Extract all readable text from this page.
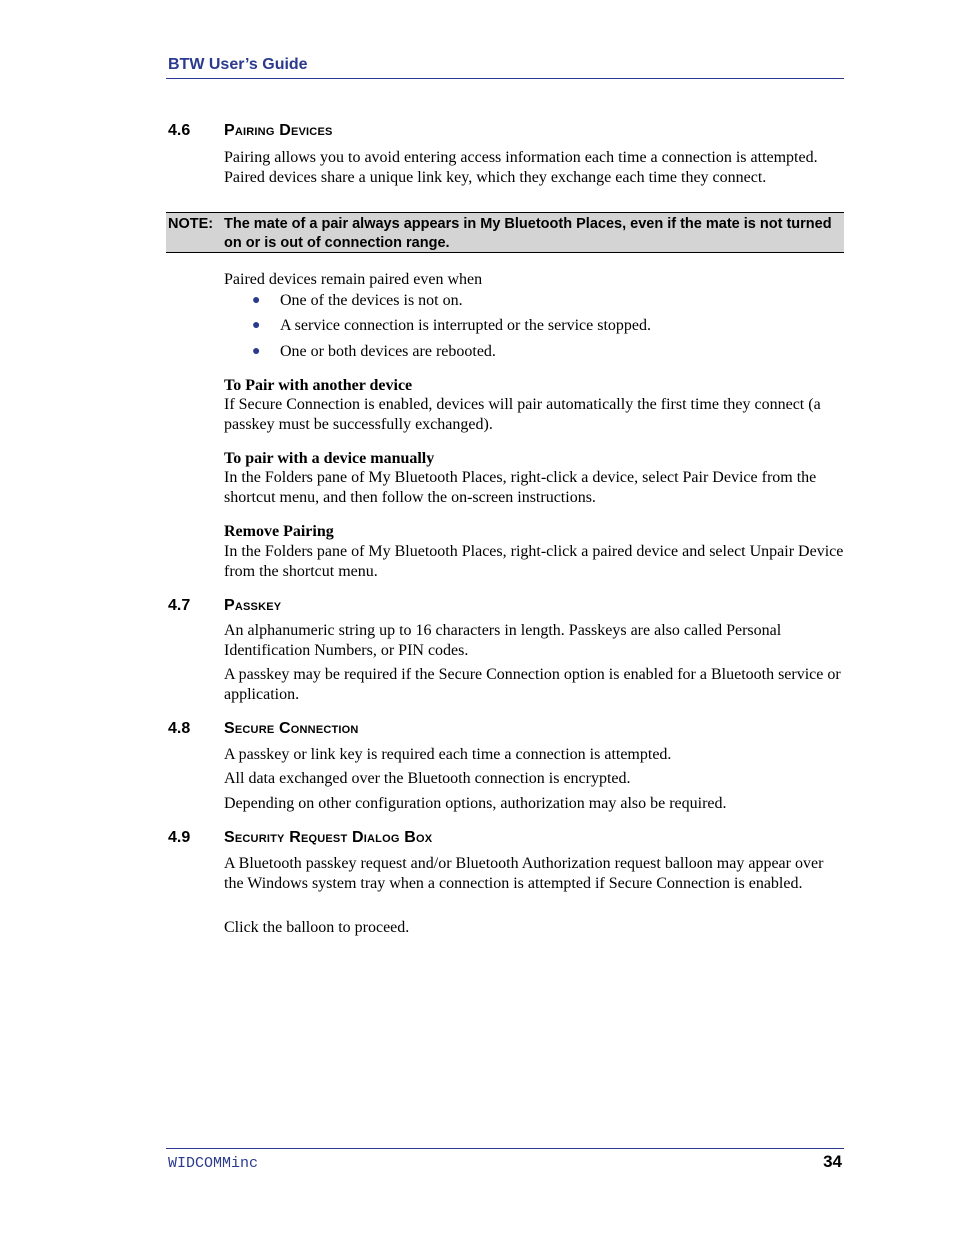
BTW User’s Guide
4.6 Pairing Devices
Pairing allows you to avoid entering access information each time a connection is attempted. Paired devices share a unique link key, which they exchange each time they connect.
NOTE: The mate of a pair always appears in My Bluetooth Places, even if the mate is not turned on or is out of connection range.
Paired devices remain paired even when
● One of the devices is not on.
● A service connection is interrupted or the service stopped.
● One or both devices are rebooted.
To Pair with another device
If Secure Connection is enabled, devices will pair automatically the first time they connect (a passkey must be successfully exchanged).
To pair with a device manually
In the Folders pane of My Bluetooth Places, right-click a device, select Pair Device from the shortcut menu, and then follow the on-screen instructions.
Remove Pairing
In the Folders pane of My Bluetooth Places, right-click a paired device and select Unpair Device from the shortcut menu.
4.7 Passkey
An alphanumeric string up to 16 characters in length. Passkeys are also called Personal Identification Numbers, or PIN codes.
A passkey may be required if the Secure Connection option is enabled for a Bluetooth service or application.
4.8 Secure Connection
A passkey or link key is required each time a connection is attempted.
All data exchanged over the Bluetooth connection is encrypted.
Depending on other configuration options, authorization may also be required.
4.9 Security Request Dialog Box
A Bluetooth passkey request and/or Bluetooth Authorization request balloon may appear over the Windows system tray when a connection is attempted if Secure Connection is enabled.
Click the balloon to proceed.
WIDCOMMinc	34
